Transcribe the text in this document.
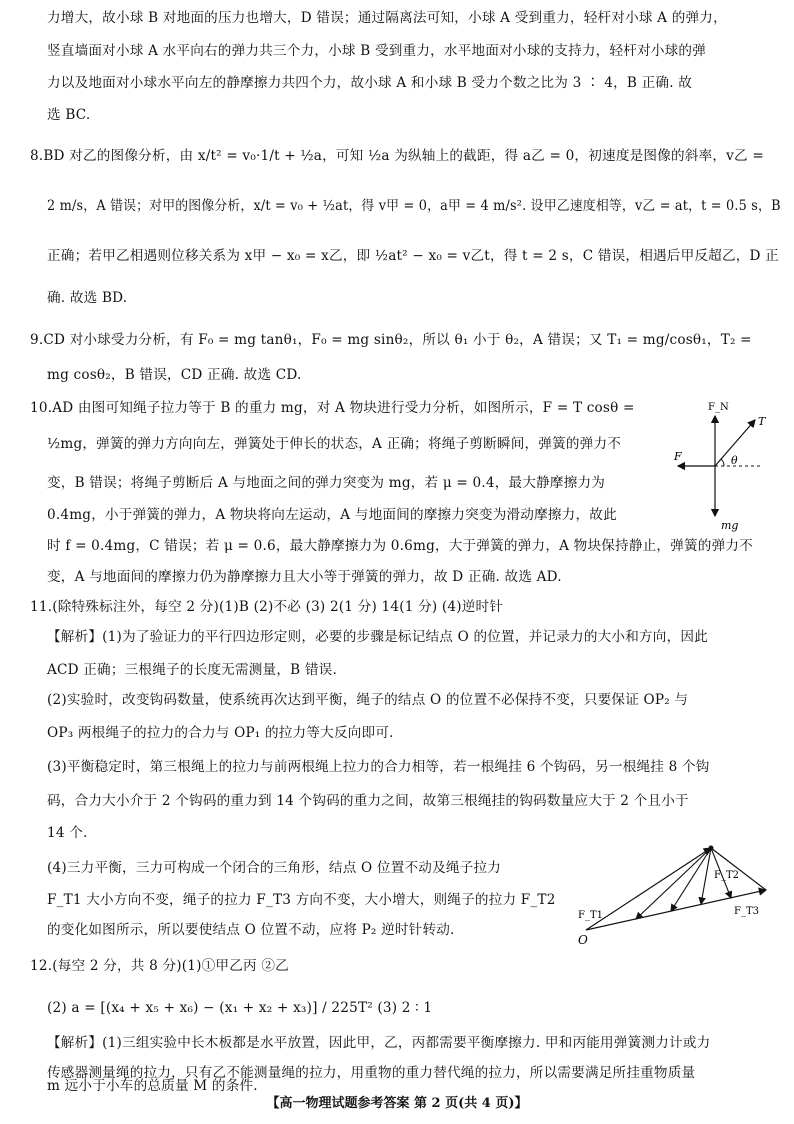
力增大，故小球 B 对地面的压力也增大，D 错误；通过隔离法可知，小球 A 受到重力，轻杆对小球 A 的弹力，
竖直墙面对小球 A 水平向右的弹力共三个力，小球 B 受到重力，水平地面对小球的支持力，轻杆对小球的弹
力以及地面对小球水平向左的静摩擦力共四个力，故小球 A 和小球 B 受力个数之比为 3 ∶ 4，B 正确. 故
选 BC.
8.BD 对乙的图像分析，由 x/t² = v₀·1/t + ½a，可知 ½a 为纵轴上的截距，得 a乙 = 0，初速度是图像的斜率，v乙 =
2 m/s，A 错误；对甲的图像分析，x/t = v₀ + ½at，得 v甲 = 0，a甲 = 4 m/s². 设甲乙速度相等，v乙 = at，t = 0.5 s，B
正确；若甲乙相遇则位移关系为 x甲 − x₀ = x乙，即 ½at² − x₀ = v乙t，得 t = 2 s，C 错误，相遇后甲反超乙，D 正
确. 故选 BD.
9.CD 对小球受力分析，有 F₀ = mg tanθ₁，F₀ = mg sinθ₂，所以 θ₁ 小于 θ₂，A 错误；又 T₁ = mg/cosθ₁，T₂ =
mg cosθ₂，B 错误，CD 正确. 故选 CD.
10.AD 由图可知绳子拉力等于 B 的重力 mg，对 A 物块进行受力分析，如图所示，F = T cosθ =
½mg，弹簧的弹力方向向左，弹簧处于伸长的状态，A 正确；将绳子剪断瞬间，弹簧的弹力不
变，B 错误；将绳子剪断后 A 与地面之间的弹力突变为 mg，若 μ = 0.4，最大静摩擦力为
0.4mg，小于弹簧的弹力，A 物块将向左运动，A 与地面间的摩擦力突变为滑动摩擦力，故此
时 f = 0.4mg，C 错误；若 μ = 0.6，最大静摩擦力为 0.6mg，大于弹簧的弹力，A 物块保持静止，弹簧的弹力不
变，A 与地面间的摩擦力仍为静摩擦力且大小等于弹簧的弹力，故 D 正确. 故选 AD.
F_N
T
F	θ
mg
11.(除特殊标注外，每空 2 分)(1)B (2)不必 (3) 2(1 分) 14(1 分) (4)逆时针
【解析】(1)为了验证力的平行四边形定则，必要的步骤是标记结点 O 的位置，并记录力的大小和方向，因此
ACD 正确；三根绳子的长度无需测量，B 错误.
(2)实验时，改变钩码数量，使系统再次达到平衡，绳子的结点 O 的位置不必保持不变，只要保证 OP₂ 与
OP₃ 两根绳子的拉力的合力与 OP₁ 的拉力等大反向即可.
(3)平衡稳定时，第三根绳上的拉力与前两根绳上拉力的合力相等，若一根绳挂 6 个钩码，另一根绳挂 8 个钩
码，合力大小介于 2 个钩码的重力到 14 个钩码的重力之间，故第三根绳挂的钩码数量应大于 2 个且小于
14 个.
(4)三力平衡，三力可构成一个闭合的三角形，结点 O 位置不动及绳子拉力
F_T1 大小方向不变，绳子的拉力 F_T3 方向不变，大小增大，则绳子的拉力 F_T2
的变化如图所示，所以要使结点 O 位置不动，应将 P₂ 逆时针转动.
O
F_T1
F_T2
F_T3
12.(每空 2 分，共 8 分)(1)①甲乙丙 ②乙
(2) a = [(x₄ + x₅ + x₆) − (x₁ + x₂ + x₃)] / 225T² (3) 2 ∶ 1
【解析】(1)三组实验中长木板都是水平放置，因此甲，乙，丙都需要平衡摩擦力. 甲和丙能用弹簧测力计或力
传感器测量绳的拉力，只有乙不能测量绳的拉力，用重物的重力替代绳的拉力，所以需要满足所挂重物质量
m 远小于小车的总质量 M 的条件.
【高一物理试题参考答案 第 2 页(共 4 页)】
